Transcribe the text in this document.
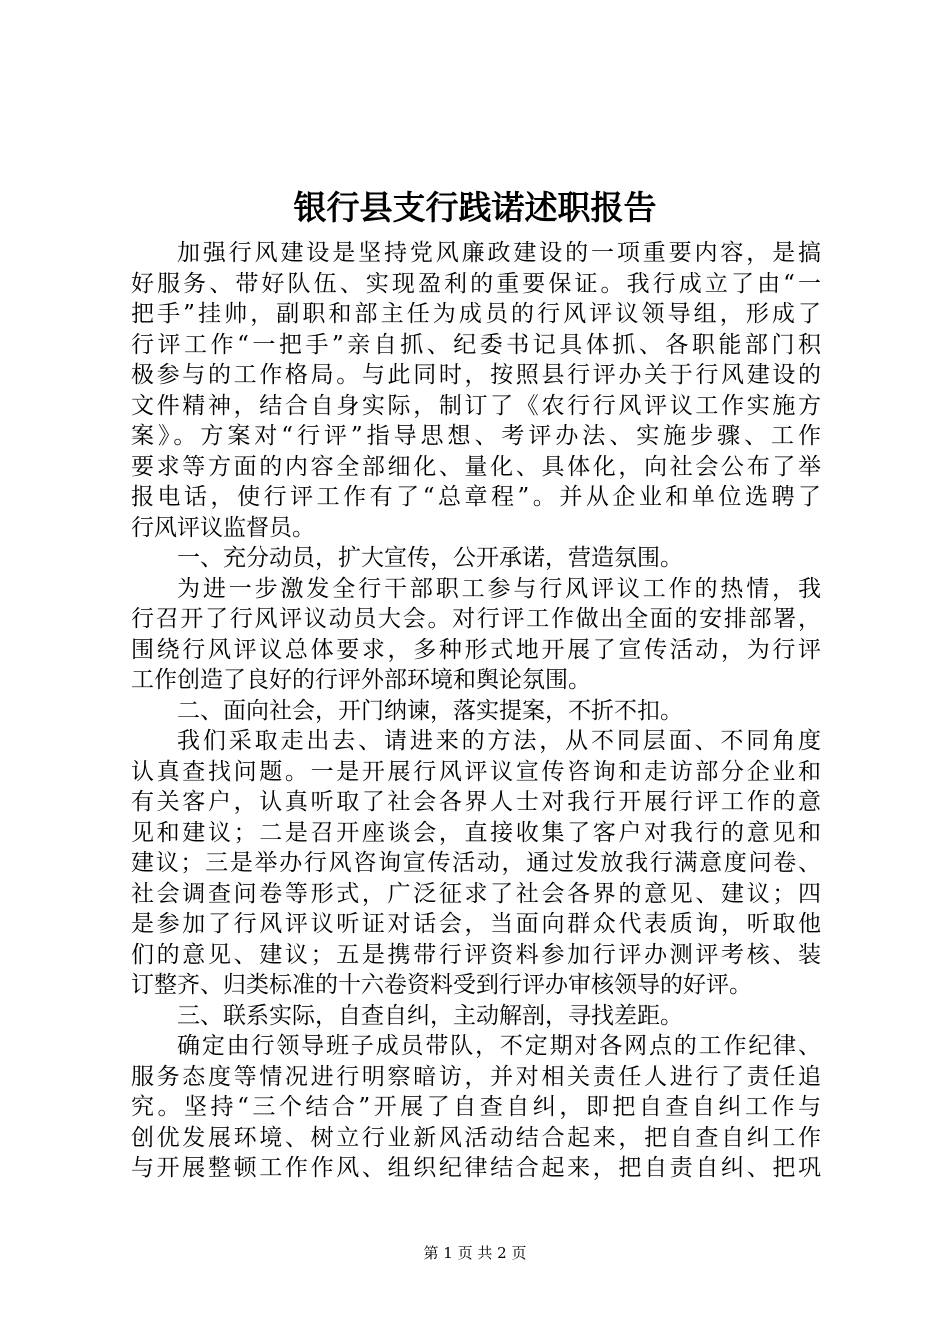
银行县支行践诺述职报告
加强行风建设是坚持党风廉政建设的一项重要内容，是搞
好服务、带好队伍、实现盈利的重要保证。我行成立了由“一
把手”挂帅，副职和部主任为成员的行风评议领导组，形成了
行评工作“一把手”亲自抓、纪委书记具体抓、各职能部门积
极参与的工作格局。与此同时，按照县行评办关于行风建设的
文件精神，结合自身实际，制订了《农行行风评议工作实施方
案》。方案对“行评”指导思想、考评办法、实施步骤、工作
要求等方面的内容全部细化、量化、具体化，向社会公布了举
报电话，使行评工作有了“总章程”。并从企业和单位选聘了
行风评议监督员。
一、充分动员，扩大宣传，公开承诺，营造氛围。
为进一步激发全行干部职工参与行风评议工作的热情，我
行召开了行风评议动员大会。对行评工作做出全面的安排部署，
围绕行风评议总体要求，多种形式地开展了宣传活动，为行评
工作创造了良好的行评外部环境和舆论氛围。
二、面向社会，开门纳谏，落实提案，不折不扣。
我们采取走出去、请进来的方法，从不同层面、不同角度
认真查找问题。一是开展行风评议宣传咨询和走访部分企业和
有关客户，认真听取了社会各界人士对我行开展行评工作的意
见和建议；二是召开座谈会，直接收集了客户对我行的意见和
建议；三是举办行风咨询宣传活动，通过发放我行满意度问卷、
社会调查问卷等形式，广泛征求了社会各界的意见、建议；四
是参加了行风评议听证对话会，当面向群众代表质询，听取他
们的意见、建议；五是携带行评资料参加行评办测评考核、装
订整齐、归类标准的十六卷资料受到行评办审核领导的好评。
三、联系实际，自查自纠，主动解剖，寻找差距。
确定由行领导班子成员带队，不定期对各网点的工作纪律、
服务态度等情况进行明察暗访，并对相关责任人进行了责任追
究。坚持“三个结合”开展了自查自纠，即把自查自纠工作与
创优发展环境、树立行业新风活动结合起来，把自查自纠工作
与开展整顿工作作风、组织纪律结合起来，把自责自纠、把巩
第 1 页 共 2 页
